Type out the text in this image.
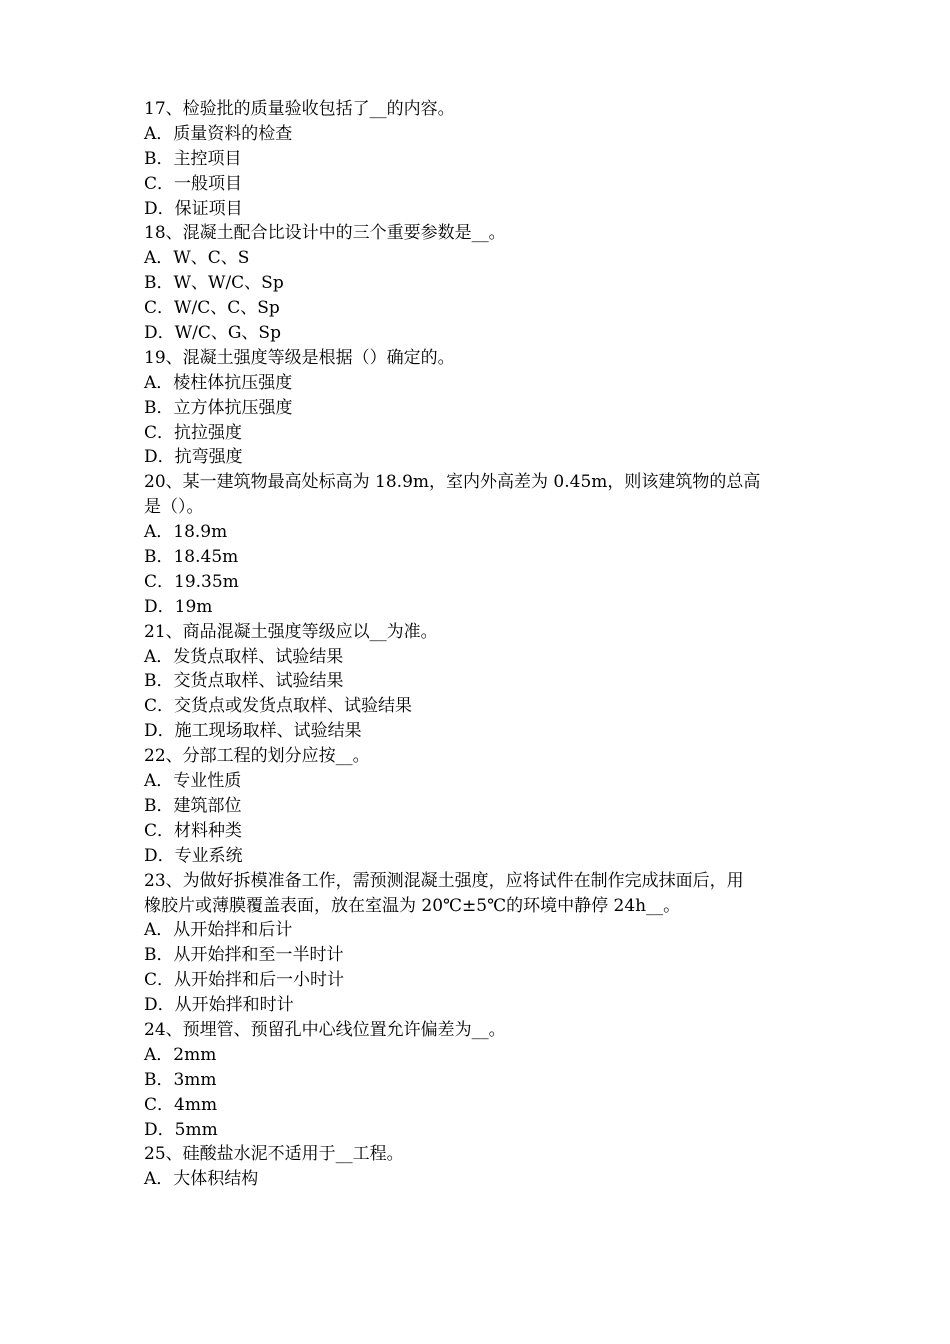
17、检验批的质量验收包括了__的内容。
A．质量资料的检查
B．主控项目
C．一般项目
D．保证项目
18、混凝土配合比设计中的三个重要参数是__。
A．W、C、S
B．W、W/C、Sp
C．W/C、C、Sp
D．W/C、G、Sp
19、混凝土强度等级是根据（）确定的。
A．棱柱体抗压强度
B．立方体抗压强度
C．抗拉强度
D．抗弯强度
20、某一建筑物最高处标高为 18.9m，室内外高差为 0.45m，则该建筑物的总高
是（）。
A．18.9m
B．18.45m
C．19.35m
D．19m
21、商品混凝土强度等级应以__为准。
A．发货点取样、试验结果
B．交货点取样、试验结果
C．交货点或发货点取样、试验结果
D．施工现场取样、试验结果
22、分部工程的划分应按__。
A．专业性质
B．建筑部位
C．材料种类
D．专业系统
23、为做好拆模准备工作，需预测混凝土强度，应将试件在制作完成抹面后，用
橡胶片或薄膜覆盖表面，放在室温为 20℃±5℃的环境中静停 24h__。
A．从开始拌和后计
B．从开始拌和至一半时计
C．从开始拌和后一小时计
D．从开始拌和时计
24、预埋管、预留孔中心线位置允许偏差为__。
A．2mm
B．3mm
C．4mm
D．5mm
25、硅酸盐水泥不适用于__工程。
A．大体积结构
